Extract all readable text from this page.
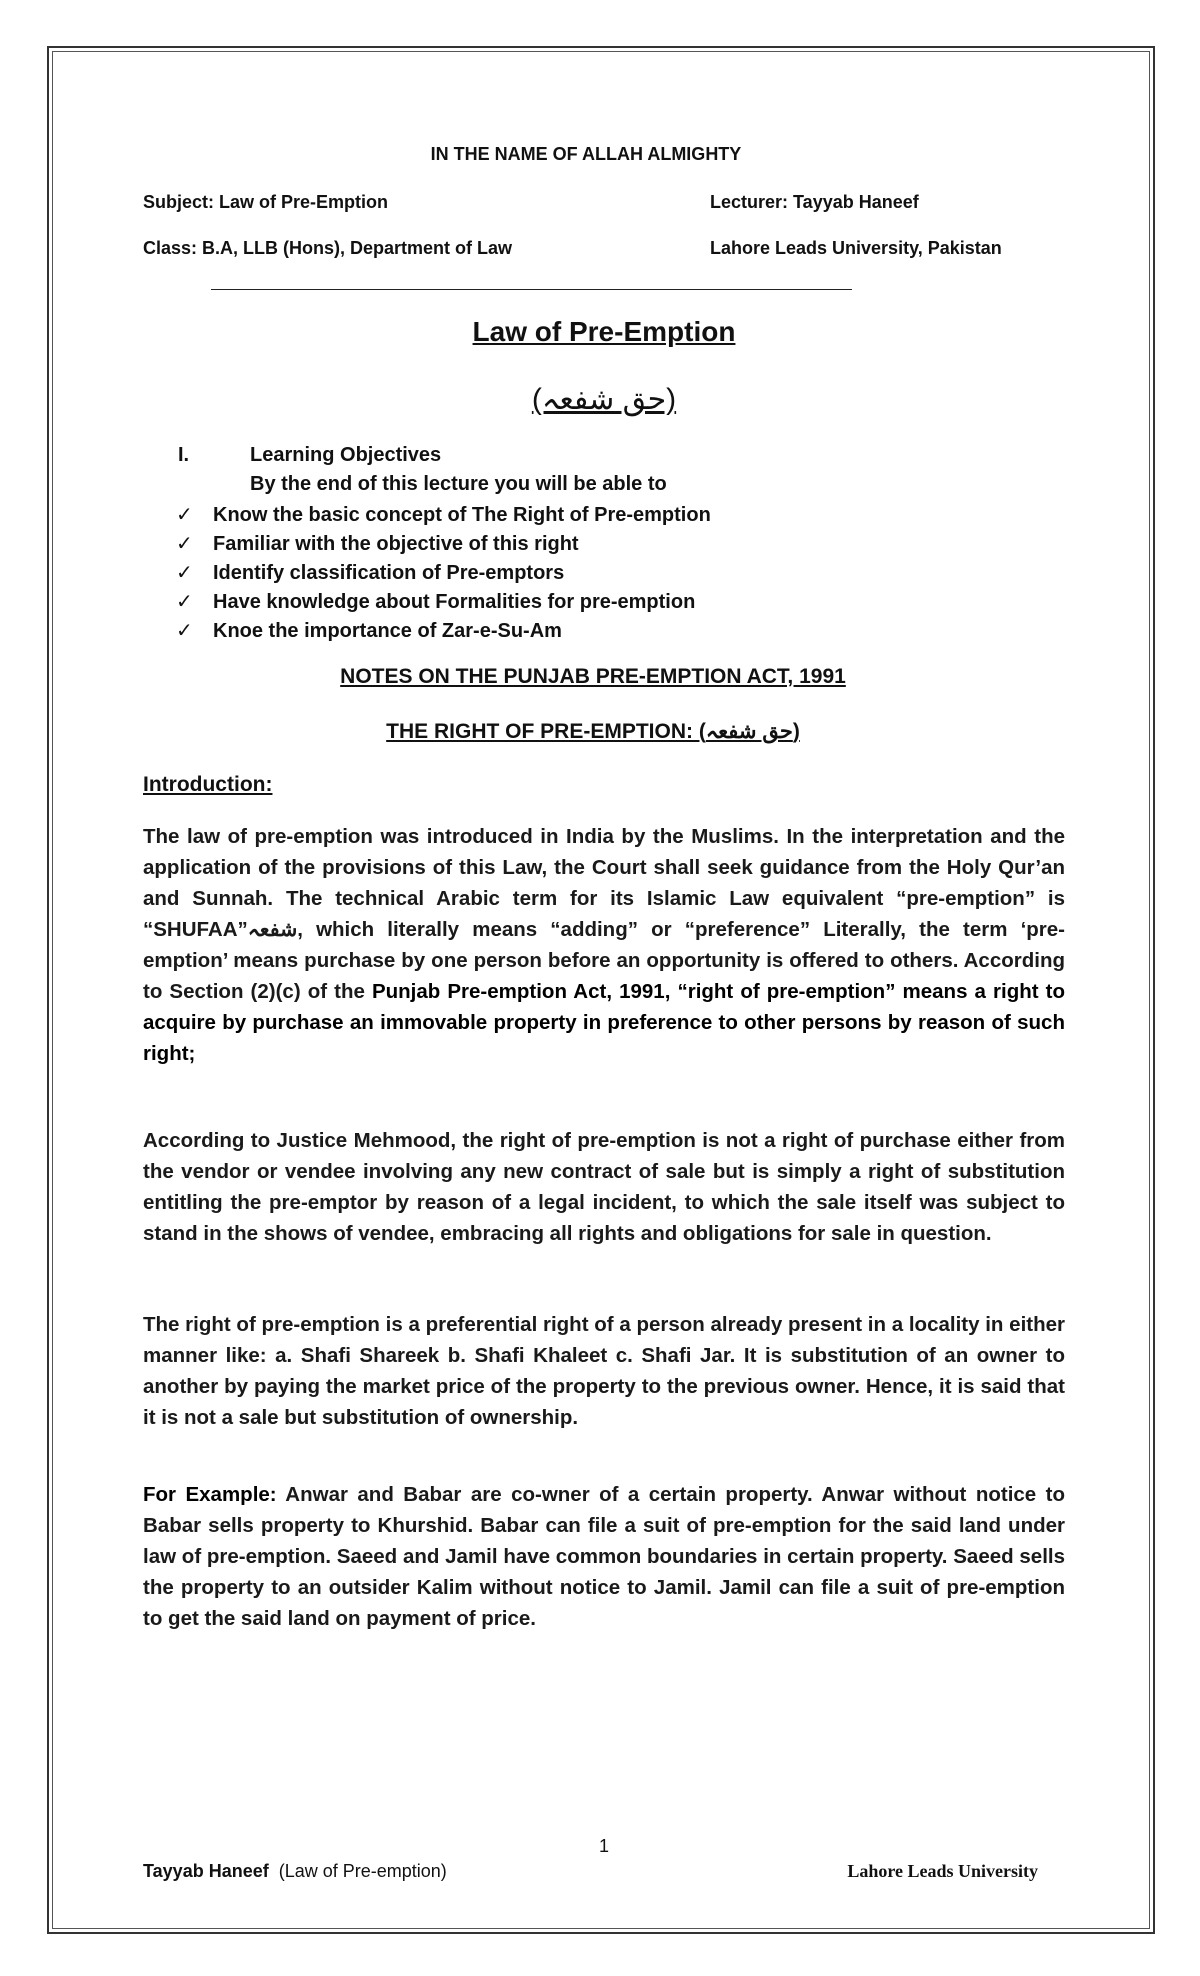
IN THE NAME OF ALLAH ALMIGHTY
Subject: Law of Pre-Emption	Lecturer: Tayyab Haneef
Class: B.A, LLB (Hons), Department of Law	Lahore Leads University, Pakistan
Law of Pre-Emption
(حق شفعہ)
I.	Learning Objectives
By the end of this lecture you will be able to
✓ Know the basic concept of The Right of Pre-emption
✓ Familiar with the objective of this right
✓ Identify classification of Pre-emptors
✓ Have knowledge about Formalities for pre-emption
✓ Knoe the importance of Zar-e-Su-Am
NOTES ON THE PUNJAB PRE-EMPTION ACT, 1991
THE RIGHT OF PRE-EMPTION: (حق شفعہ)
Introduction:
The law of pre-emption was introduced in India by the Muslims. In the interpretation and the application of the provisions of this Law, the Court shall seek guidance from the Holy Qur’an and Sunnah. The technical Arabic term for its Islamic Law equivalent “pre-emption” is “SHUFAA”شفعہ, which literally means “adding” or “preference” Literally, the term ‘pre-emption’ means purchase by one person before an opportunity is offered to others. According to Section (2)(c) of the Punjab Pre-emption Act, 1991, “right of pre-emption” means a right to acquire by purchase an immovable property in preference to other persons by reason of such right;
According to Justice Mehmood, the right of pre-emption is not a right of purchase either from the vendor or vendee involving any new contract of sale but is simply a right of substitution entitling the pre-emptor by reason of a legal incident, to which the sale itself was subject to stand in the shows of vendee, embracing all rights and obligations for sale in question.
The right of pre-emption is a preferential right of a person already present in a locality in either manner like: a. Shafi Shareek b. Shafi Khaleet c. Shafi Jar. It is substitution of an owner to another by paying the market price of the property to the previous owner. Hence, it is said that it is not a sale but substitution of ownership.
For Example: Anwar and Babar are co-wner of a certain property. Anwar without notice to Babar sells property to Khurshid. Babar can file a suit of pre-emption for the said land under law of pre-emption. Saeed and Jamil have common boundaries in certain property. Saeed sells the property to an outsider Kalim without notice to Jamil. Jamil can file a suit of pre-emption to get the said land on payment of price.
1
Tayyab Haneef (Law of Pre-emption)	Lahore Leads University
